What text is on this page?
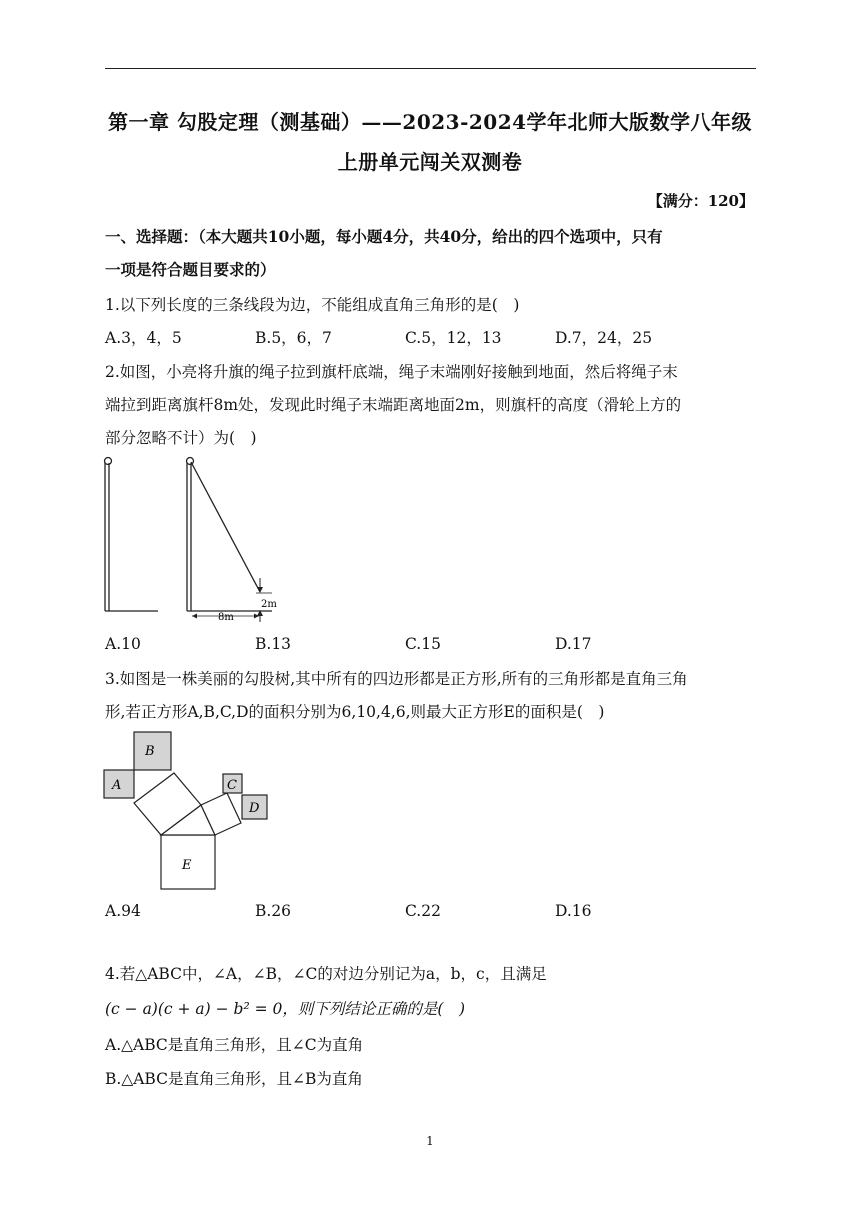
第一章 勾股定理（测基础）——2023-2024学年北师大版数学八年级
上册单元闯关双测卷
【满分：120】
一、选择题：（本大题共10小题，每小题4分，共40分，给出的四个选项中，只有
一项是符合题目要求的）
1.以下列长度的三条线段为边，不能组成直角三角形的是(　)
A.3，4，5	B.5，6，7	C.5，12，13	D.7，24，25
2.如图，小亮将升旗的绳子拉到旗杆底端，绳子末端刚好接触到地面，然后将绳子末
端拉到距离旗杆8m处，发现此时绳子末端距离地面2m，则旗杆的高度（滑轮上方的
部分忽略不计）为(　)
2m
8m
A.10	B.13	C.15	D.17
3.如图是一株美丽的勾股树,其中所有的四边形都是正方形,所有的三角形都是直角三角
形,若正方形A,B,C,D的面积分别为6,10,4,6,则最大正方形E的面积是(　)
E
A
B
C
D
A.94	B.26	C.22	D.16
4.若△ABC中，∠A，∠B，∠C的对边分别记为a，b，c，且满足
(c − a)(c + a) − b² = 0，则下列结论正确的是(　)
A.△ABC是直角三角形，且∠C为直角
B.△ABC是直角三角形，且∠B为直角
1
